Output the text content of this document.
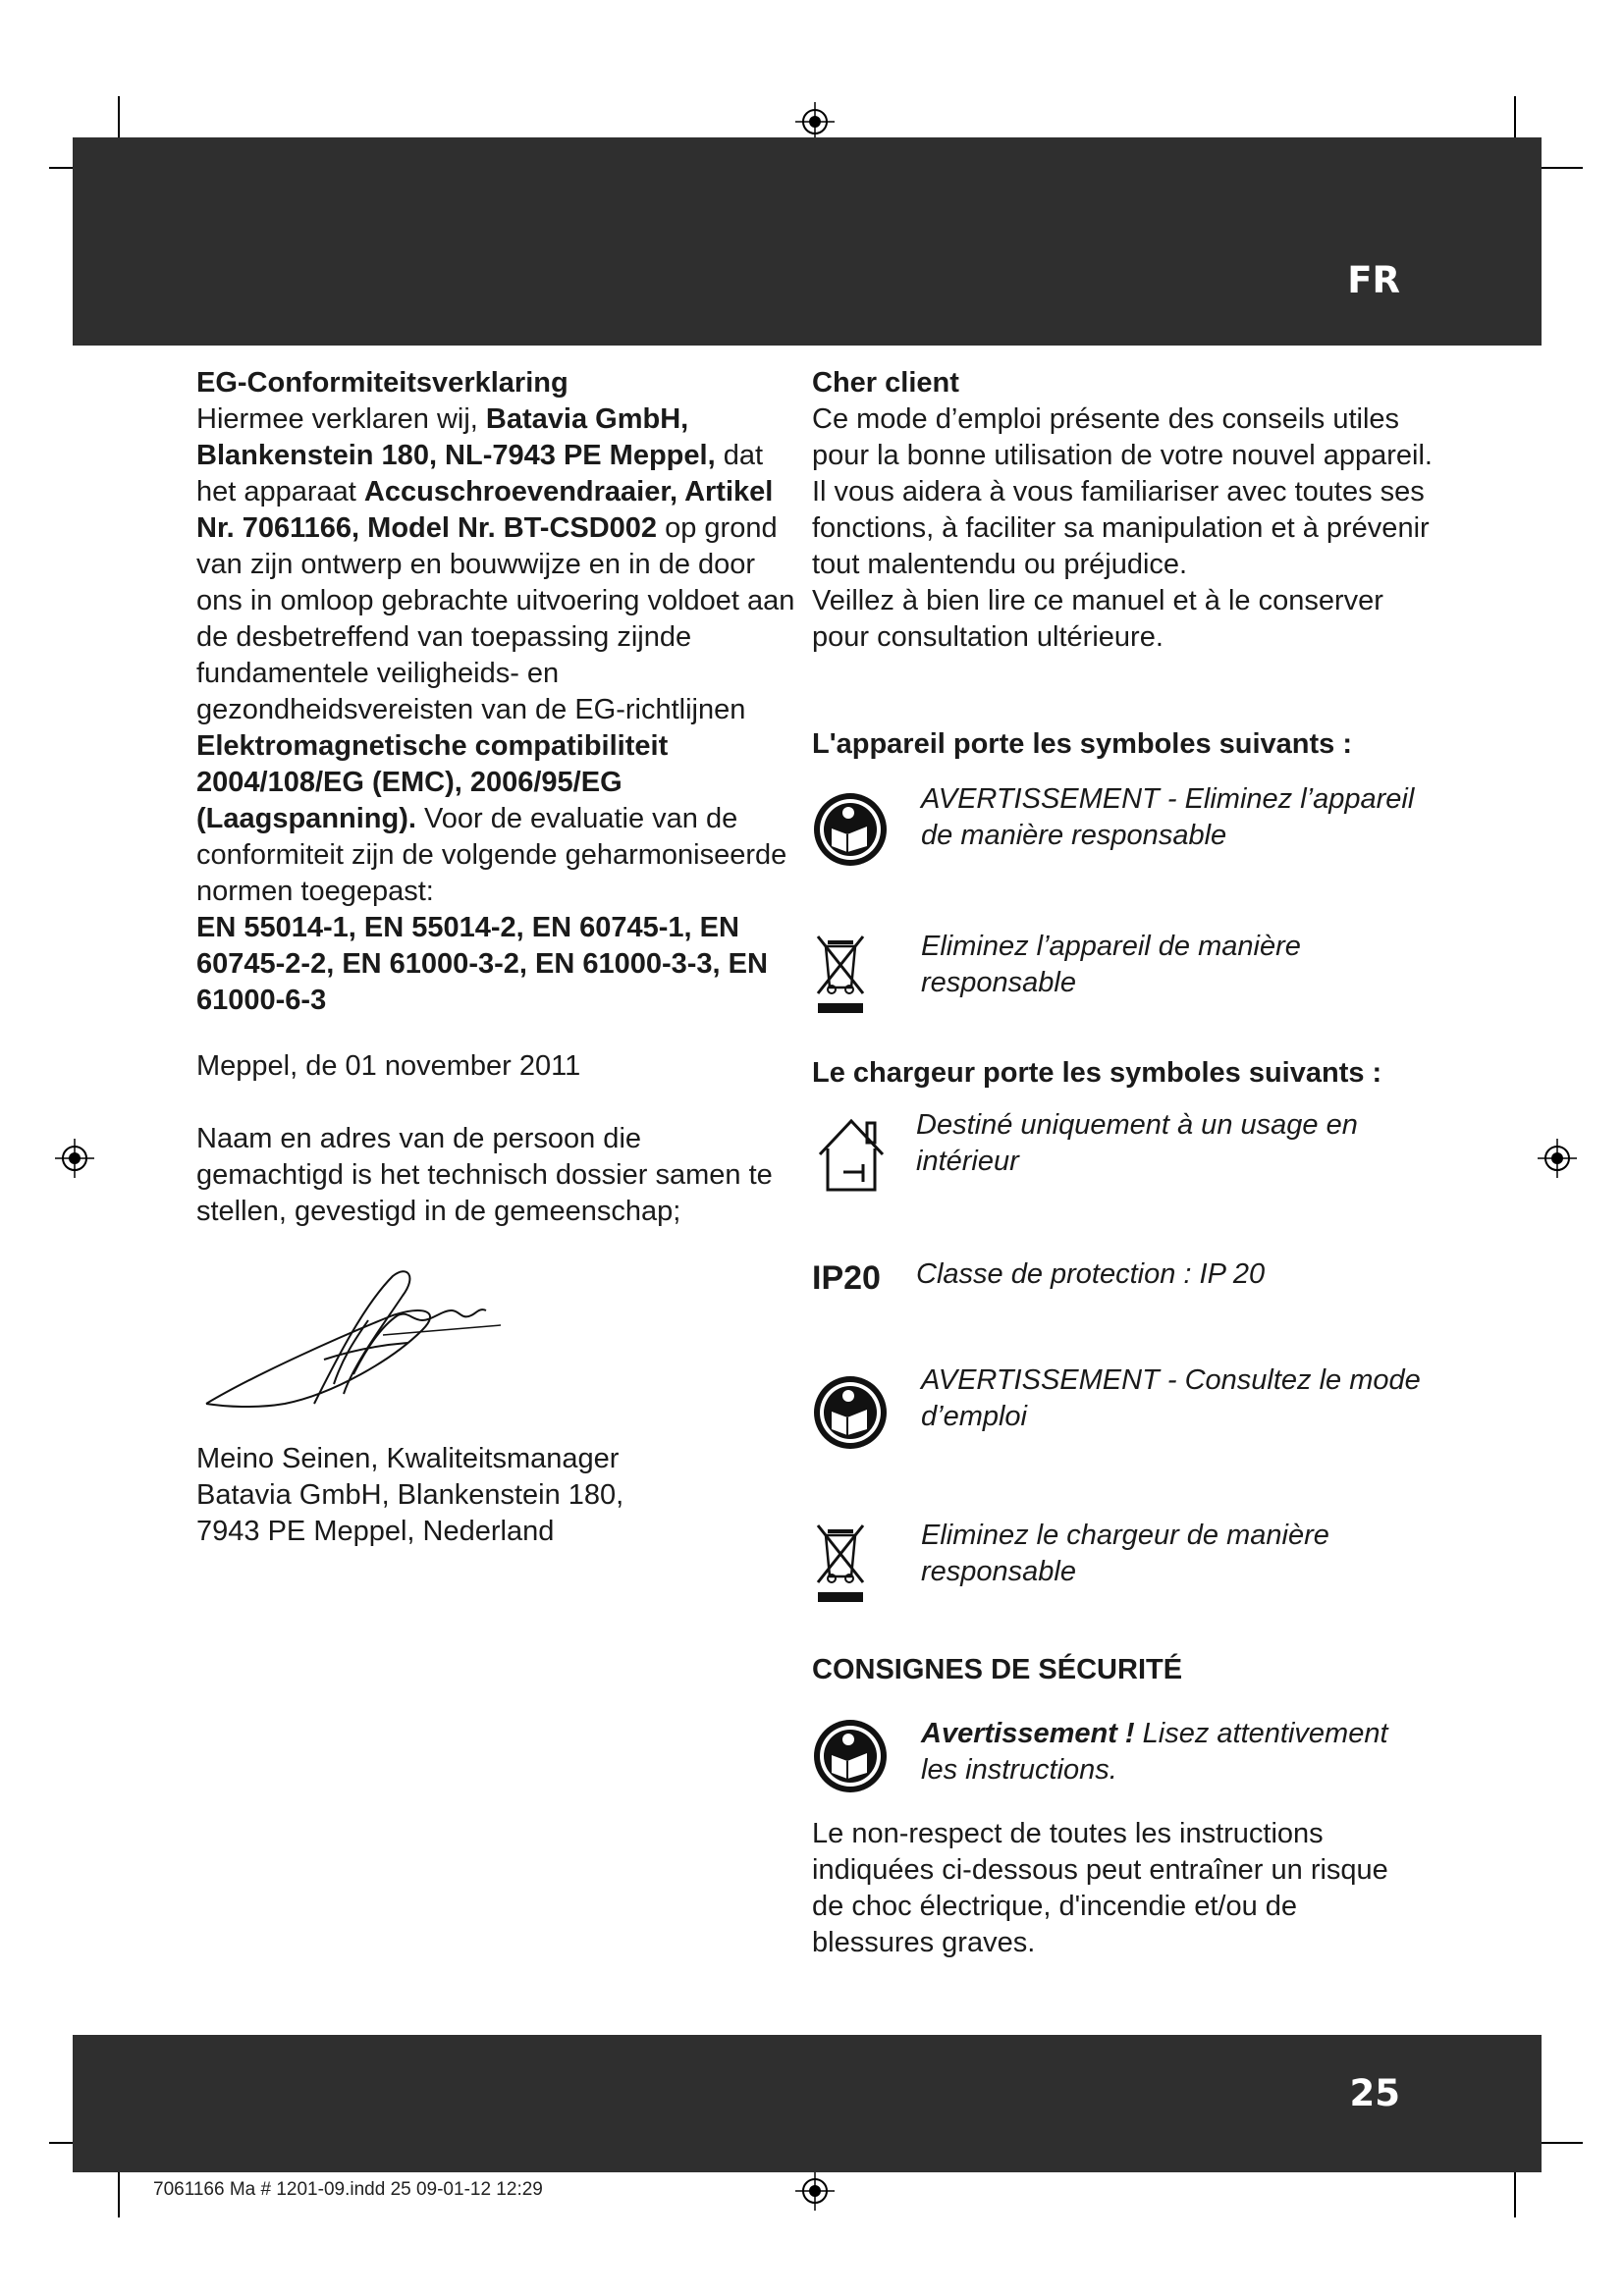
FR

EG-Conformiteitsverklaring

Hiermee verklaren wij, Batavia GmbH, Blankenstein 180, NL-7943 PE Meppel, dat het apparaat Accuschroevendraaier, Artikel Nr. 7061166, Model Nr. BT-CSD002 op grond van zijn ontwerp en bouwwijze en in de door ons in omloop gebrachte uitvoering voldoet aan de desbetreffend van toepassing zijnde fundamentele veiligheids- en gezondheidsvereisten van de EG-richtlijnen Elektromagnetische compatibiliteit 2004/108/EG (EMC), 2006/95/EG (Laagspanning). Voor de evaluatie van de conformiteit zijn de volgende geharmoniseerde normen toegepast:

EN 55014-1, EN 55014-2, EN 60745-1, EN 60745-2-2, EN 61000-3-2, EN 61000-3-3, EN 61000-6-3

Meppel, de 01 november 2011
Naam en adres van de persoon die gemachtigd is het technisch dossier samen te stellen, gevestigd in de gemeenschap;
Meino Seinen, Kwaliteitsmanager
Batavia GmbH, Blankenstein 180,
7943 PE Meppel, Nederland

Cher client

Ce mode d’emploi présente des conseils utiles pour la bonne utilisation de votre nouvel appareil. Il vous aidera à vous familiariser avec toutes ses fonctions, à faciliter sa manipulation et à prévenir tout malentendu ou préjudice.

Veillez à bien lire ce manuel et à le conserver pour consultation ultérieure.

L'appareil porte les symboles suivants :
AVERTISSEMENT - Eliminez l’appareil de manière responsable
Eliminez l’appareil de manière responsable
Le chargeur porte les symboles suivants :
Destiné uniquement à un usage en intérieur
IP20 Classe de protection : IP 20
AVERTISSEMENT - Consultez le mode d’emploi
Eliminez le chargeur de manière responsable
CONSIGNES DE SÉCURITÉ
Avertissement ! Lisez attentivement les instructions.
Le non-respect de toutes les instructions indiquées ci-dessous peut entraîner un risque de choc électrique, d'incendie et/ou de blessures graves.
25
7061166 Ma # 1201-09.indd 25 09-01-12 12:29
